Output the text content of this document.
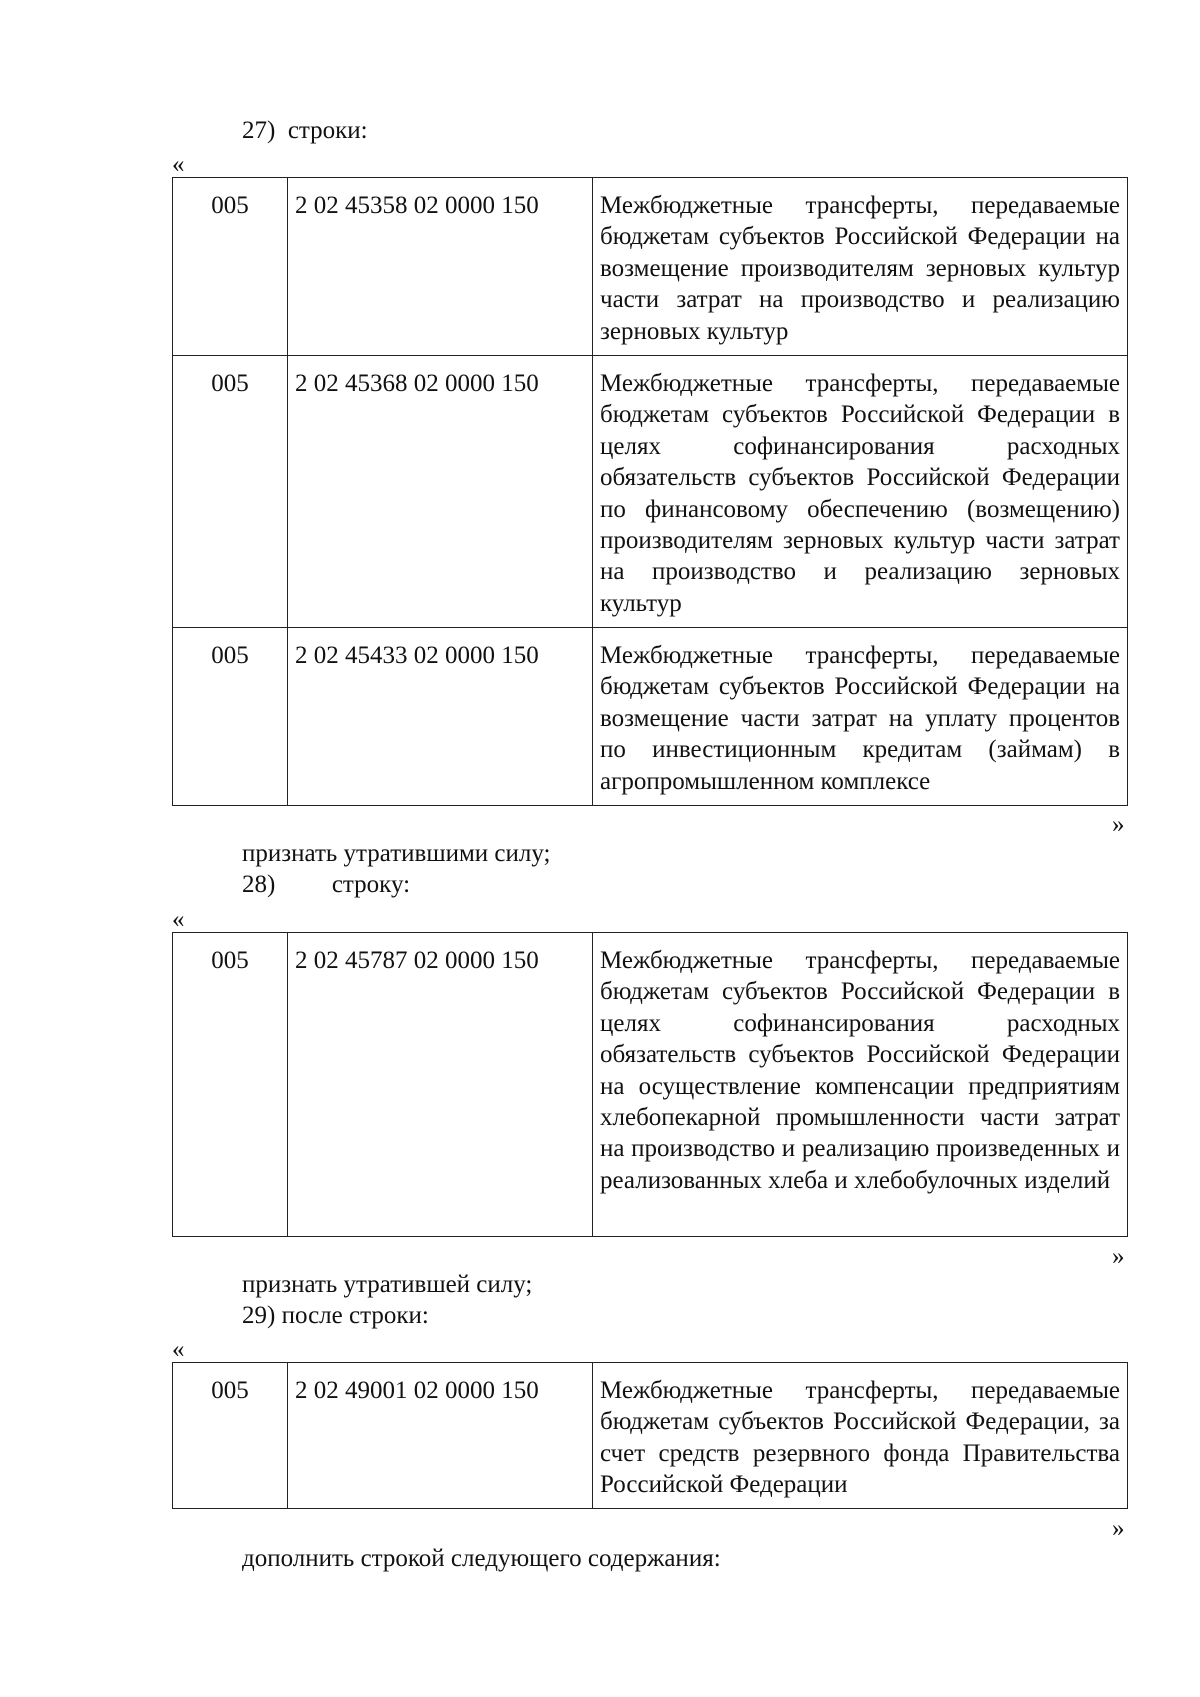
27) строки:
«
005	2 02 45358 02 0000 150	Межбюджетные трансферты, передаваемые бюджетам субъектов Российской Федерации на возмещение производителям зерновых культур части затрат на производство и реализацию зерновых культур
005	2 02 45368 02 0000 150	Межбюджетные трансферты, передаваемые бюджетам субъектов Российской Федерации в целях софинансирования расходных обязательств субъектов Российской Федерации по финансовому обеспечению (возмещению) производителям зерновых культур части затрат на производство и реализацию зерновых культур
005	2 02 45433 02 0000 150	Межбюджетные трансферты, передаваемые бюджетам субъектов Российской Федерации на возмещение части затрат на уплату процентов по инвестиционным кредитам (займам) в агропромышленном комплексе
»
признать утратившими силу;
28) строку:
«
005	2 02 45787 02 0000 150	Межбюджетные трансферты, передаваемые бюджетам субъектов Российской Федерации в целях софинансирования расходных обязательств субъектов Российской Федерации на осуществление компенсации предприятиям хлебопекарной промышленности части затрат на производство и реализацию произведенных и реализованных хлеба и хлебобулочных изделий
»
признать утратившей силу;
29) после строки:
«
005	2 02 49001 02 0000 150	Межбюджетные трансферты, передаваемые бюджетам субъектов Российской Федерации, за счет средств резервного фонда Правительства Российской Федерации
»
дополнить строкой следующего содержания:
